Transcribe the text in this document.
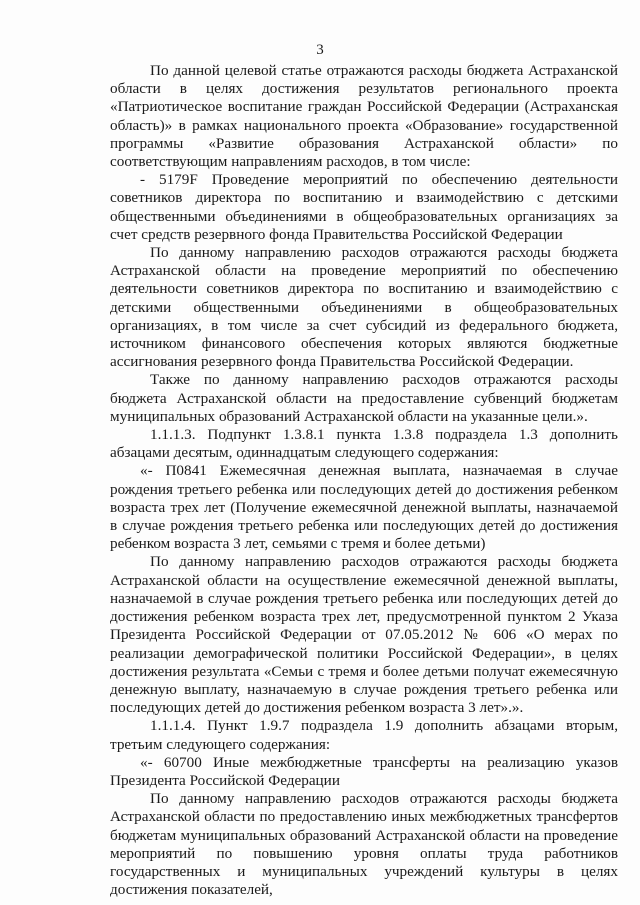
3

По данной целевой статье отражаются расходы бюджета Астраханской области в целях достижения результатов регионального проекта «Патриотическое воспитание граждан Российской Федерации (Астраханская область)» в рамках национального проекта «Образование» государственной программы «Развитие образования Астраханской области» по соответствующим направлениям расходов, в том числе:

- 5179F Проведение мероприятий по обеспечению деятельности советников директора по воспитанию и взаимодействию с детскими общественными объединениями в общеобразовательных организациях за счет средств резервного фонда Правительства Российской Федерации

По данному направлению расходов отражаются расходы бюджета Астраханской области на проведение мероприятий по обеспечению деятельности советников директора по воспитанию и взаимодействию с детскими общественными объединениями в общеобразовательных организациях, в том числе за счет субсидий из федерального бюджета, источником финансового обеспечения которых являются бюджетные ассигнования резервного фонда Правительства Российской Федерации.

Также по данному направлению расходов отражаются расходы бюджета Астраханской области на предоставление субвенций бюджетам муниципальных образований Астраханской области на указанные цели.».

1.1.1.3. Подпункт 1.3.8.1 пункта 1.3.8 подраздела 1.3 дополнить абзацами десятым, одиннадцатым следующего содержания:

«- П0841 Ежемесячная денежная выплата, назначаемая в случае рождения третьего ребенка или последующих детей до достижения ребенком возраста трех лет (Получение ежемесячной денежной выплаты, назначаемой в случае рождения третьего ребенка или последующих детей до достижения ребенком возраста 3 лет, семьями с тремя и более детьми)

По данному направлению расходов отражаются расходы бюджета Астраханской области на осуществление ежемесячной денежной выплаты, назначаемой в случае рождения третьего ребенка или последующих детей до достижения ребенком возраста трех лет, предусмотренной пунктом 2 Указа Президента Российской Федерации от 07.05.2012 № 606 «О мерах по реализации демографической политики Российской Федерации», в целях достижения результата «Семьи с тремя и более детьми получат ежемесячную денежную выплату, назначаемую в случае рождения третьего ребенка или последующих детей до достижения ребенком возраста 3 лет».».

1.1.1.4. Пункт 1.9.7 подраздела 1.9 дополнить абзацами вторым, третьим следующего содержания:

«- 60700 Иные межбюджетные трансферты на реализацию указов Президента Российской Федерации

По данному направлению расходов отражаются расходы бюджета Астраханской области по предоставлению иных межбюджетных трансфертов бюджетам муниципальных образований Астраханской области на проведение мероприятий по повышению уровня оплаты труда работников государственных и муниципальных учреждений культуры в целях достижения показателей,
